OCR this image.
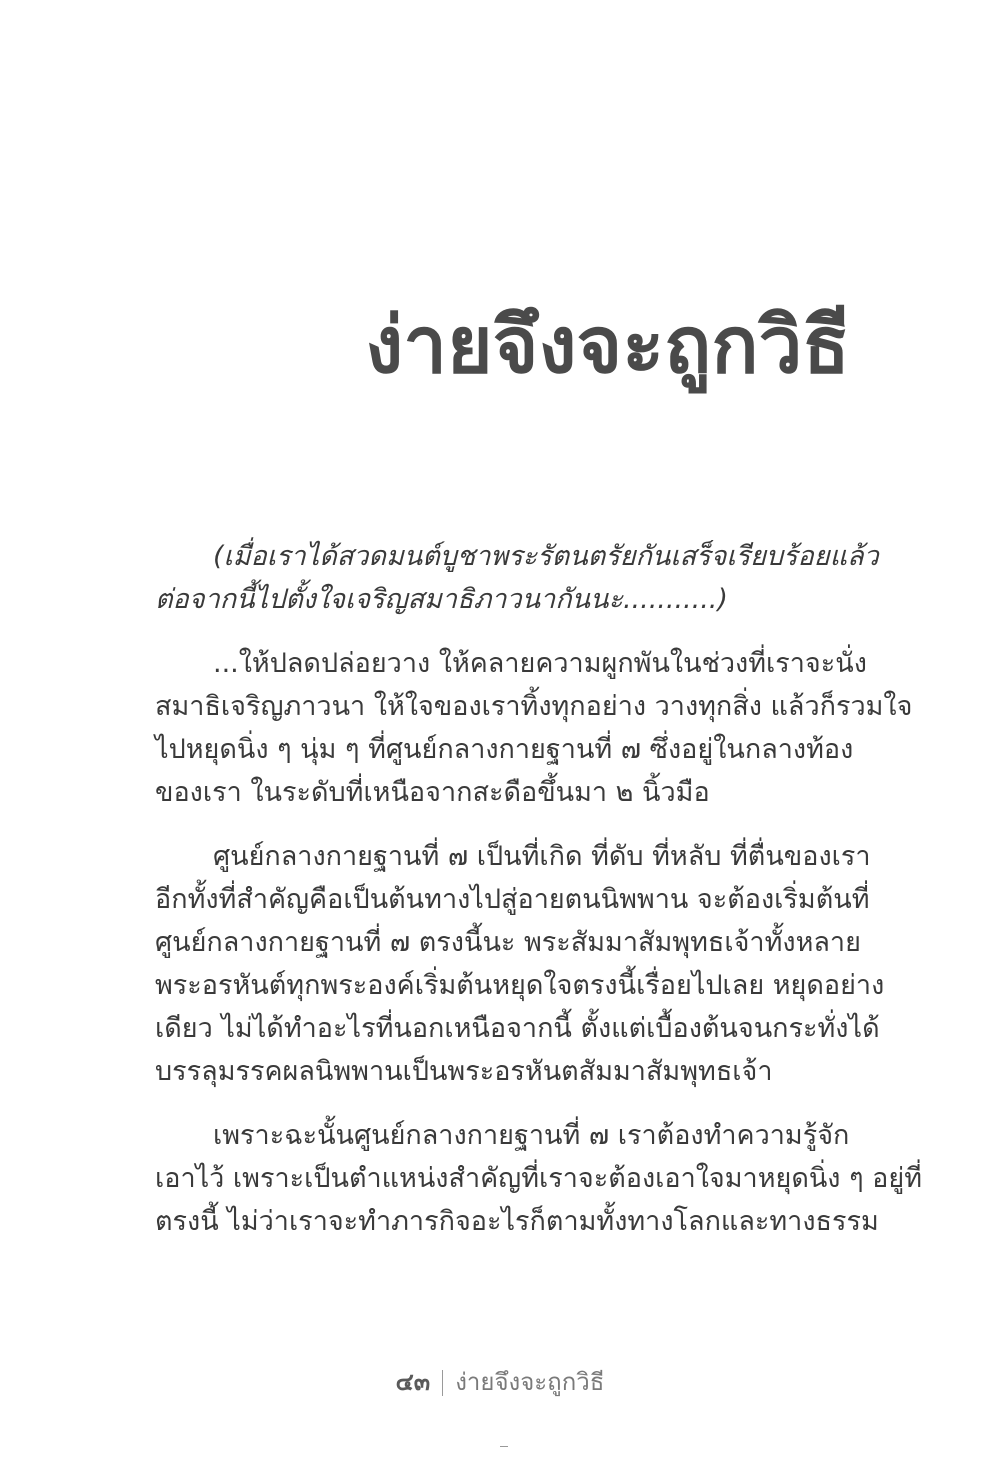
ง่ายจึงจะถูกวิธี

(เมื่อเราได้สวดมนต์บูชาพระรัตนตรัยกันเสร็จเรียบร้อยแล้ว
ต่อจากนี้ไปตั้งใจเจริญสมาธิภาวนากันนะ...........)

...ให้ปลดปล่อยวาง ให้คลายความผูกพันในช่วงที่เราจะนั่ง
สมาธิเจริญภาวนา ให้ใจของเราทิ้งทุกอย่าง วางทุกสิ่ง แล้วก็รวมใจ
ไปหยุดนิ่ง ๆ นุ่ม ๆ ที่ศูนย์กลางกายฐานที่ ๗ ซึ่งอยู่ในกลางท้อง
ของเรา ในระดับที่เหนือจากสะดือขึ้นมา ๒ นิ้วมือ

ศูนย์กลางกายฐานที่ ๗ เป็นที่เกิด ที่ดับ ที่หลับ ที่ตื่นของเรา
อีกทั้งที่สำคัญคือเป็นต้นทางไปสู่อายตนนิพพาน จะต้องเริ่มต้นที่
ศูนย์กลางกายฐานที่ ๗ ตรงนี้นะ พระสัมมาสัมพุทธเจ้าทั้งหลาย
พระอรหันต์ทุกพระองค์เริ่มต้นหยุดใจตรงนี้เรื่อยไปเลย หยุดอย่าง
เดียว ไม่ได้ทำอะไรที่นอกเหนือจากนี้ ตั้งแต่เบื้องต้นจนกระทั่งได้
บรรลุมรรคผลนิพพานเป็นพระอรหันตสัมมาสัมพุทธเจ้า

เพราะฉะนั้นศูนย์กลางกายฐานที่ ๗ เราต้องทำความรู้จัก
เอาไว้ เพราะเป็นตำแหน่งสำคัญที่เราจะต้องเอาใจมาหยุดนิ่ง ๆ อยู่ที่
ตรงนี้ ไม่ว่าเราจะทำภารกิจอะไรก็ตามทั้งทางโลกและทางธรรม

๔๓ ง่ายจึงจะถูกวิธี
